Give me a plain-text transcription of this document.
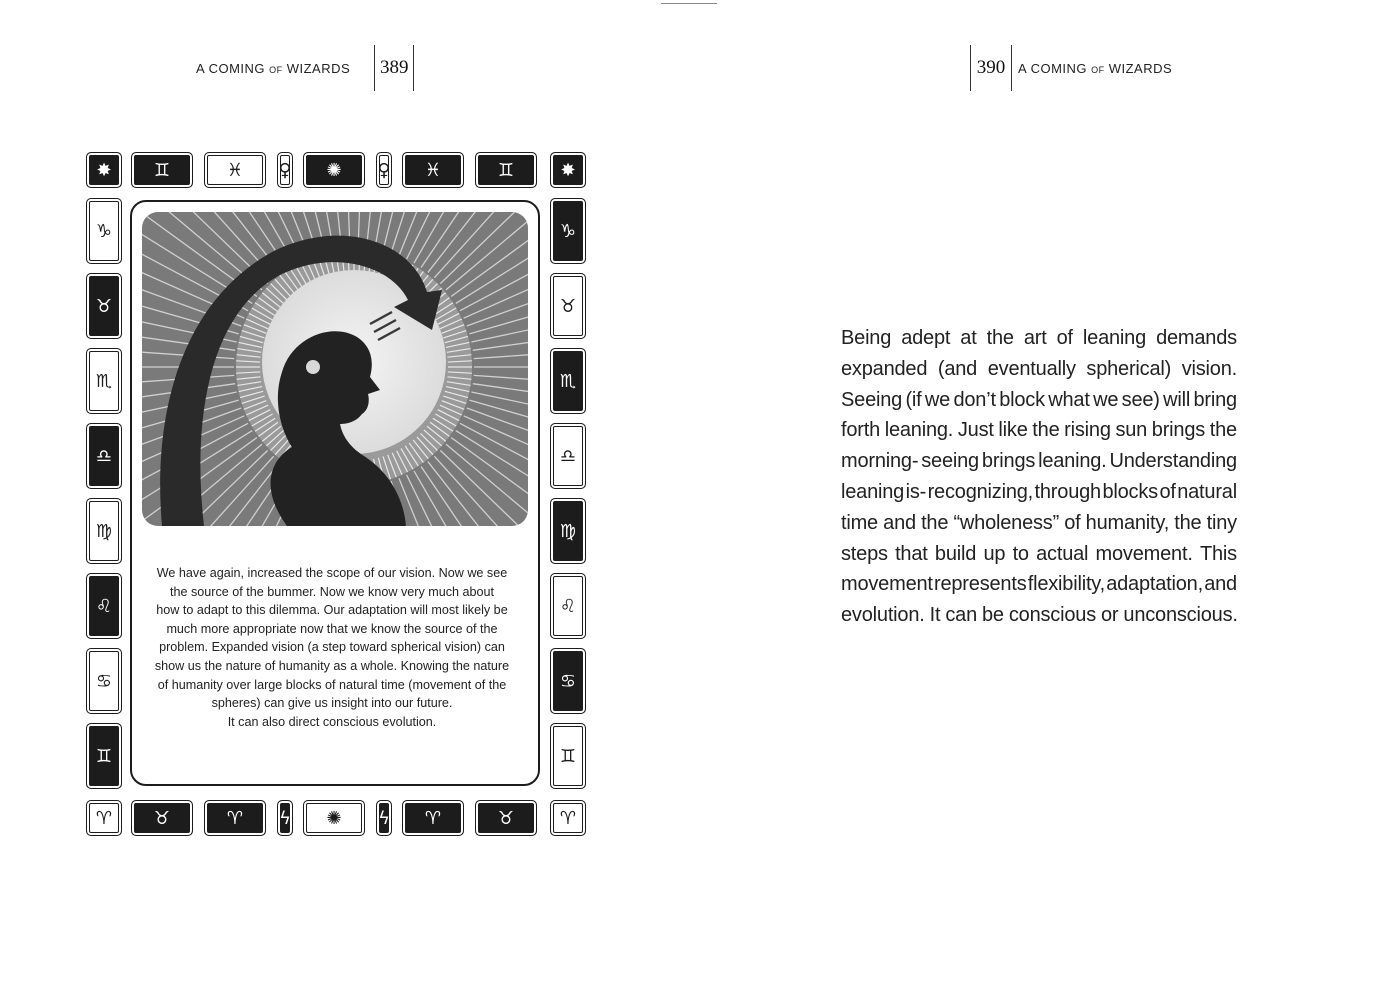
A COMING OF WIZARDS	389	390 A COMING OF WIZARDS
✸	♊	♓	♀	✺	♀	♓	♊	✸
♈	♉	♈	ϟ	✺	ϟ	♈	♉	♈
♑
♉
♏
♎
♍
♌
♋
♊
♑
♉
♏
♎
♍
♌
♋
♊
We have again, increased the scope of our vision. Now we see
the source of the bummer. Now we know very much about
how to adapt to this dilemma. Our adaptation will most likely be
much more appropriate now that we know the source of the
problem. Expanded vision (a step toward spherical vision) can
show us the nature of humanity as a whole. Knowing the nature
of humanity over large blocks of natural time (movement of the
spheres) can give us insight into our future.
It can also direct conscious evolution.
Being adept at the art of leaning demands
expanded (and eventually spherical) vision.
Seeing (if we don’t block what we see) will bring
forth leaning. Just like the rising sun brings the
morning- seeing brings leaning. Understanding
leaning is- recognizing, through blocks of natural
time and the “wholeness” of humanity, the tiny
steps that build up to actual movement. This
movement represents flexibility, adaptation, and
evolution. It can be conscious or unconscious.
